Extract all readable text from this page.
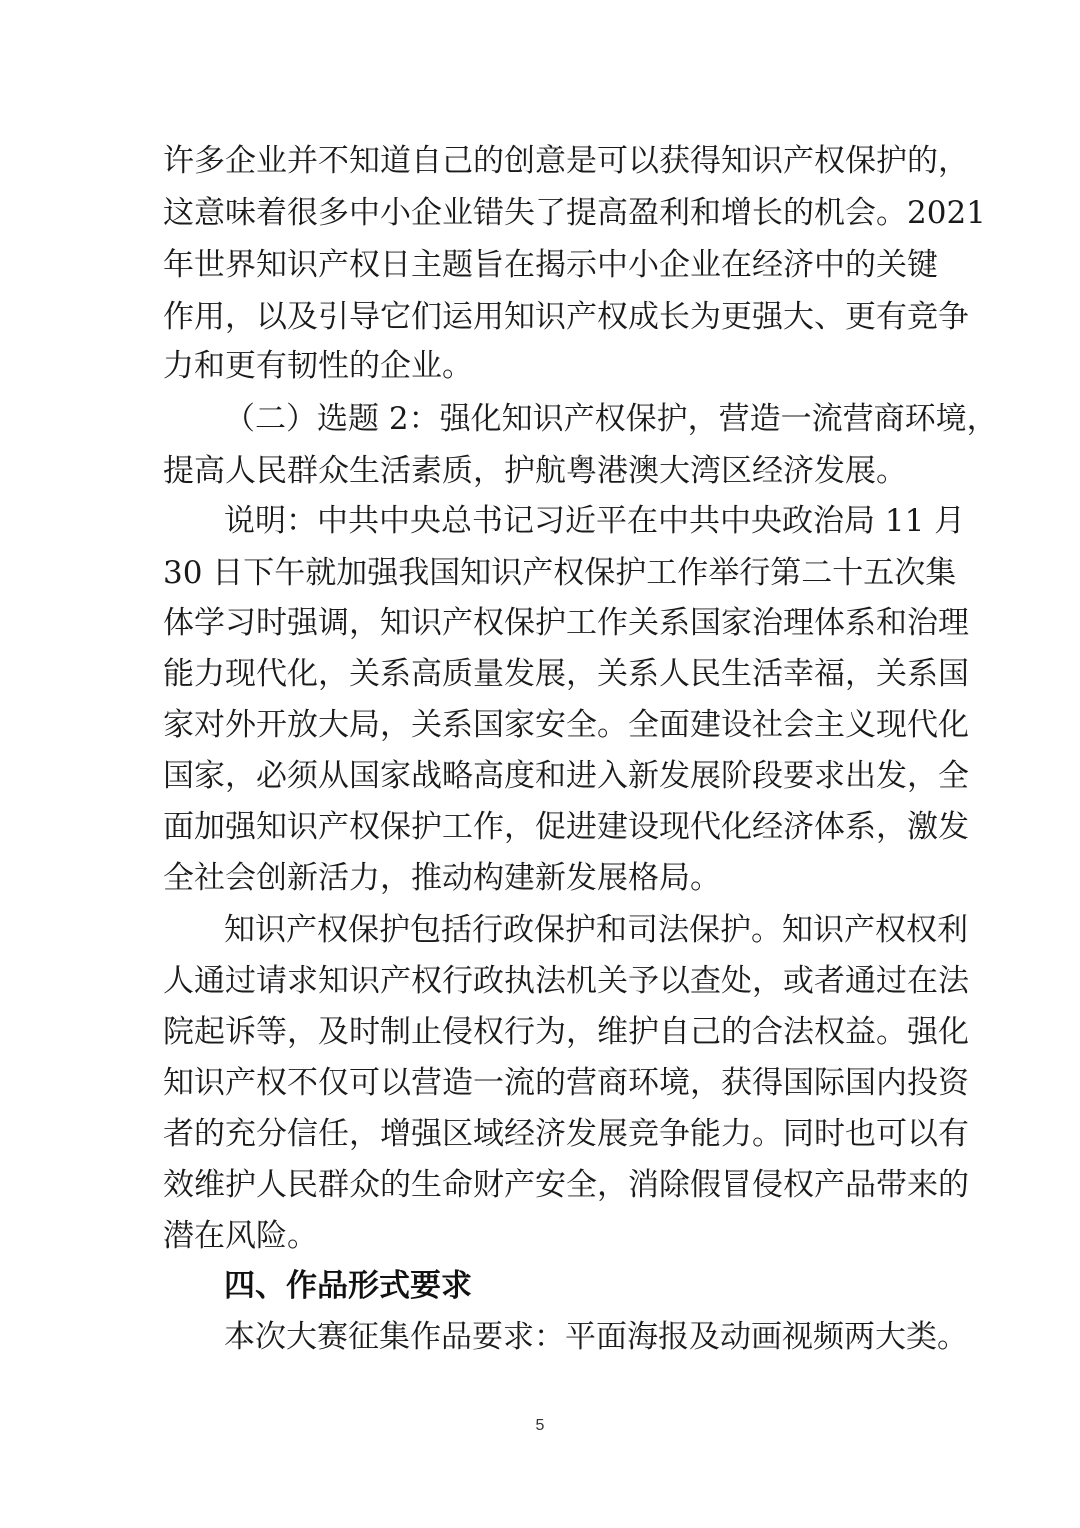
许多企业并不知道自己的创意是可以获得知识产权保护的，
这意味着很多中小企业错失了提高盈利和增长的机会。2021
年世界知识产权日主题旨在揭示中小企业在经济中的关键
作用，以及引导它们运用知识产权成长为更强大、更有竞争
力和更有韧性的企业。
（二）选题 2：强化知识产权保护，营造一流营商环境，
提高人民群众生活素质，护航粤港澳大湾区经济发展。
说明：中共中央总书记习近平在中共中央政治局 11 月
30 日下午就加强我国知识产权保护工作举行第二十五次集
体学习时强调，知识产权保护工作关系国家治理体系和治理
能力现代化，关系高质量发展，关系人民生活幸福，关系国
家对外开放大局，关系国家安全。全面建设社会主义现代化
国家，必须从国家战略高度和进入新发展阶段要求出发，全
面加强知识产权保护工作，促进建设现代化经济体系，激发
全社会创新活力，推动构建新发展格局。
知识产权保护包括行政保护和司法保护。知识产权权利
人通过请求知识产权行政执法机关予以查处，或者通过在法
院起诉等，及时制止侵权行为，维护自己的合法权益。强化
知识产权不仅可以营造一流的营商环境，获得国际国内投资
者的充分信任，增强区域经济发展竞争能力。同时也可以有
效维护人民群众的生命财产安全，消除假冒侵权产品带来的
潜在风险。
四、作品形式要求
本次大赛征集作品要求：平面海报及动画视频两大类。
5
